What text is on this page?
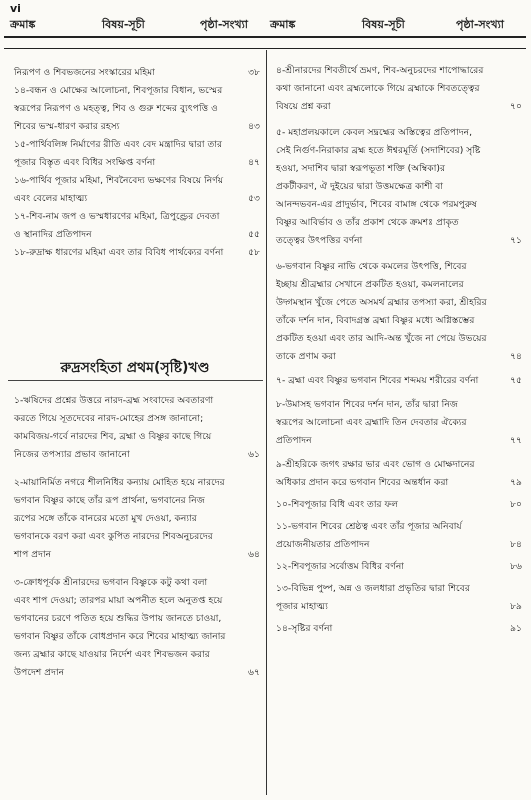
vi
ক্রমাঙ্ক	বিষয়-সূচী	পৃষ্ঠা-সংখ্যা ক্রমাঙ্ক	বিষয়-সূচী	পৃষ্ঠা-সংখ্যা
নিরূপণ ও শিবভজনের সংস্কারের মহিমা	৩৮
১৪-বন্ধন ও মোক্ষের আলোচনা, শিবপূজার বিধান, ভস্মের স্বরূপের নিরূপণ ও মহত্ত্ব, শিব ও গুরু শব্দের ব্যুৎপত্তি ও শিবের ভস্ম-ধারণ করার রহস্য	৪৩
১৫-পার্থিবলিঙ্গ নির্মাণের রীতি এবং বেদ মন্ত্রাদির দ্বারা তার পূজার বিস্তৃত এবং বিধির সংক্ষিপ্ত বর্ণনা	৪৭
১৬-পার্থিব পূজার মহিমা, শিবনৈবেদ্য ভক্ষণের বিষয়ে নির্ণয় এবং বেলের মাহাত্ম্য	৫৩
১৭-শিব-নাম জপ ও ভস্মধারণের মহিমা, ত্রিপুণ্ড্রের দেবতা ও স্থানাদির প্রতিপাদন	৫৫
১৮-রুদ্রাক্ষ ধারণের মহিমা এবং তার বিবিধ পার্থক্যের বর্ণনা	৫৮
রুদ্রসংহিতা প্রথম(সৃষ্টি)খণ্ড
১-ঋষিদের প্রশ্নের উত্তরে নারদ-ব্রহ্ম সংবাদের অবতারণা করতে গিয়ে সূতদেবের নারদ-মোহের প্রসঙ্গ জানানো; কামবিজয়-গর্বে নারদের শিব, ব্রহ্মা ও বিষ্ণুর কাছে গিয়ে নিজের তপস্যার প্রভাব জানানো	৬১
২-মায়ানির্মিত নগরে শীলনিধির কন্যায় মোহিত হয়ে নারদের ভগবান বিষ্ণুর কাছে তাঁর রূপ প্রার্থনা, ভগবানের নিজ রূপের সঙ্গে তাঁকে বানরের মতো মুখ দেওয়া, কন্যার ভগবানকে বরণ করা এবং কুপিত নারদের শিবঅনুচরদের শাপ প্রদান	৬৪
৩-ক্রোধপূর্বক শ্রীনারদের ভগবান বিষ্ণুকে কটু কথা বলা এবং শাপ দেওয়া; তারপর মায়া অপনীত হলে অনুতপ্ত হয়ে ভগবানের চরণে পতিত হয়ে শুদ্ধির উপায় জানতে চাওয়া, ভগবান বিষ্ণুর তাঁকে বোধপ্রদান করে শিবের মাহাত্ম্য জানার জন্য ব্রহ্মার কাছে যাওয়ার নির্দেশ এবং শিবভজন করার উপদেশ প্রদান	৬৭
৪-শ্রীনারদের শিবতীর্থে ভ্রমণ, শিব-অনুচরদের শাপোদ্ধারের কথা জানানো এবং ব্রহ্মলোকে গিয়ে ব্রহ্মাকে শিবতত্ত্বের বিষয়ে প্রশ্ন করা	৭০
৫- মহাপ্রলয়কালে কেবল সদ্ব্রহ্মের অস্তিত্বের প্রতিপাদন, সেই নির্গুণ-নিরাকার ব্রহ্ম হতে ঈশ্বরমূর্তি (সদাশিবের) সৃষ্টি হওয়া, সদাশিব দ্বারা স্বরূপভূতা শক্তি (অম্বিকা)র প্রকটীকরণ, ঐ দুইয়ের দ্বারা উত্তমক্ষেত্র কাশী বা আনন্দভবন-এর প্রাদুর্ভাব, শিবের বামাঙ্গ থেকে পরমপুরুষ বিষ্ণুর আবির্ভাব ও তাঁর প্রকাশ থেকে ক্রমশঃ প্রাকৃত তত্ত্বের উৎপত্তির বর্ণনা	৭১
৬-ভগবান বিষ্ণুর নাভি থেকে কমলের উৎপত্তি, শিবের ইচ্ছায় শ্রীব্রহ্মার সেখানে প্রকটিত হওয়া, কমলনালের উদ্গমস্থান খুঁজে পেতে অসমর্থ ব্রহ্মার তপস্যা করা, শ্রীহরির তাঁকে দর্শন দান, বিবাদগ্রস্ত ব্রহ্মা বিষ্ণুর মধ্যে অগ্নিস্তম্ভের প্রকটিত হওয়া এবং তার আদি-অন্ত খুঁজে না পেয়ে উভয়ের তাকে প্রণাম করা	৭৪
৭- ব্রহ্মা এবং বিষ্ণুর ভগবান শিবের শব্দময় শরীরের বর্ণনা	৭৫
৮-উমাসহ ভগবান শিবের দর্শন দান, তাঁর দ্বারা নিজ স্বরূপের আলোচনা এবং ব্রহ্মাদি তিন দেবতার ঐক্যের প্রতিপাদন	৭৭
৯-শ্রীহরিকে জগৎ রক্ষার ভার এবং ভোগ ও মোক্ষদানের অধিকার প্রদান করে ভগবান শিবের অন্তর্ধান করা	৭৯
১০-শিবপূজার বিধি এবং তার ফল	৮০
১১-ভগবান শিবের শ্রেষ্ঠত্ব এবং তাঁর পূজার অনিবার্য প্রয়োজনীয়তার প্রতিপাদন	৮৪
১২-শিবপূজার সর্বোত্তম বিধির বর্ণনা	৮৬
১৩-বিভিন্ন পুষ্প, অন্ন ও জলধারা প্রভৃতির দ্বারা শিবের পূজার মাহাত্ম্য	৮৯
১৪-সৃষ্টির বর্ণনা	৯১
